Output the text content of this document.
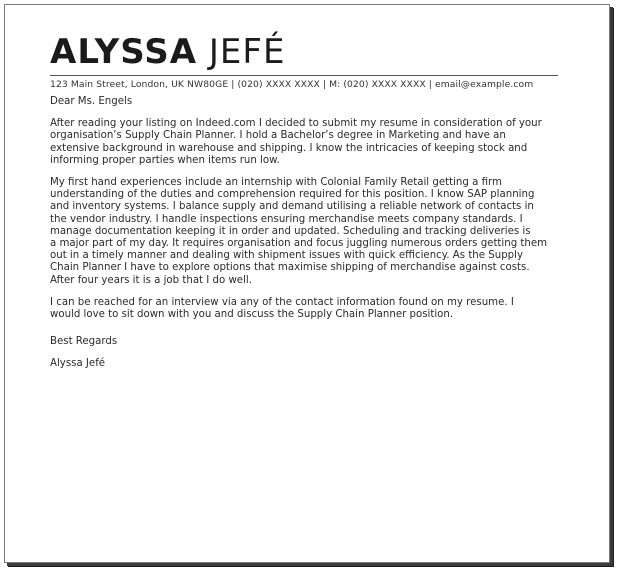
ALYSSA JEFÉ
123 Main Street, London, UK NW80GE | (020) XXXX XXXX | M: (020) XXXX XXXX | email@example.com

Dear Ms. Engels

After reading your listing on Indeed.com I decided to submit my resume in consideration of your
organisation’s Supply Chain Planner. I hold a Bachelor’s degree in Marketing and have an
extensive background in warehouse and shipping. I know the intricacies of keeping stock and
informing proper parties when items run low.

My first hand experiences include an internship with Colonial Family Retail getting a firm
understanding of the duties and comprehension required for this position. I know SAP planning
and inventory systems. I balance supply and demand utilising a reliable network of contacts in
the vendor industry. I handle inspections ensuring merchandise meets company standards. I
manage documentation keeping it in order and updated. Scheduling and tracking deliveries is
a major part of my day. It requires organisation and focus juggling numerous orders getting them
out in a timely manner and dealing with shipment issues with quick efficiency. As the Supply
Chain Planner I have to explore options that maximise shipping of merchandise against costs.
After four years it is a job that I do well.

I can be reached for an interview via any of the contact information found on my resume. I
would love to sit down with you and discuss the Supply Chain Planner position.

Best Regards
Alyssa Jefé
